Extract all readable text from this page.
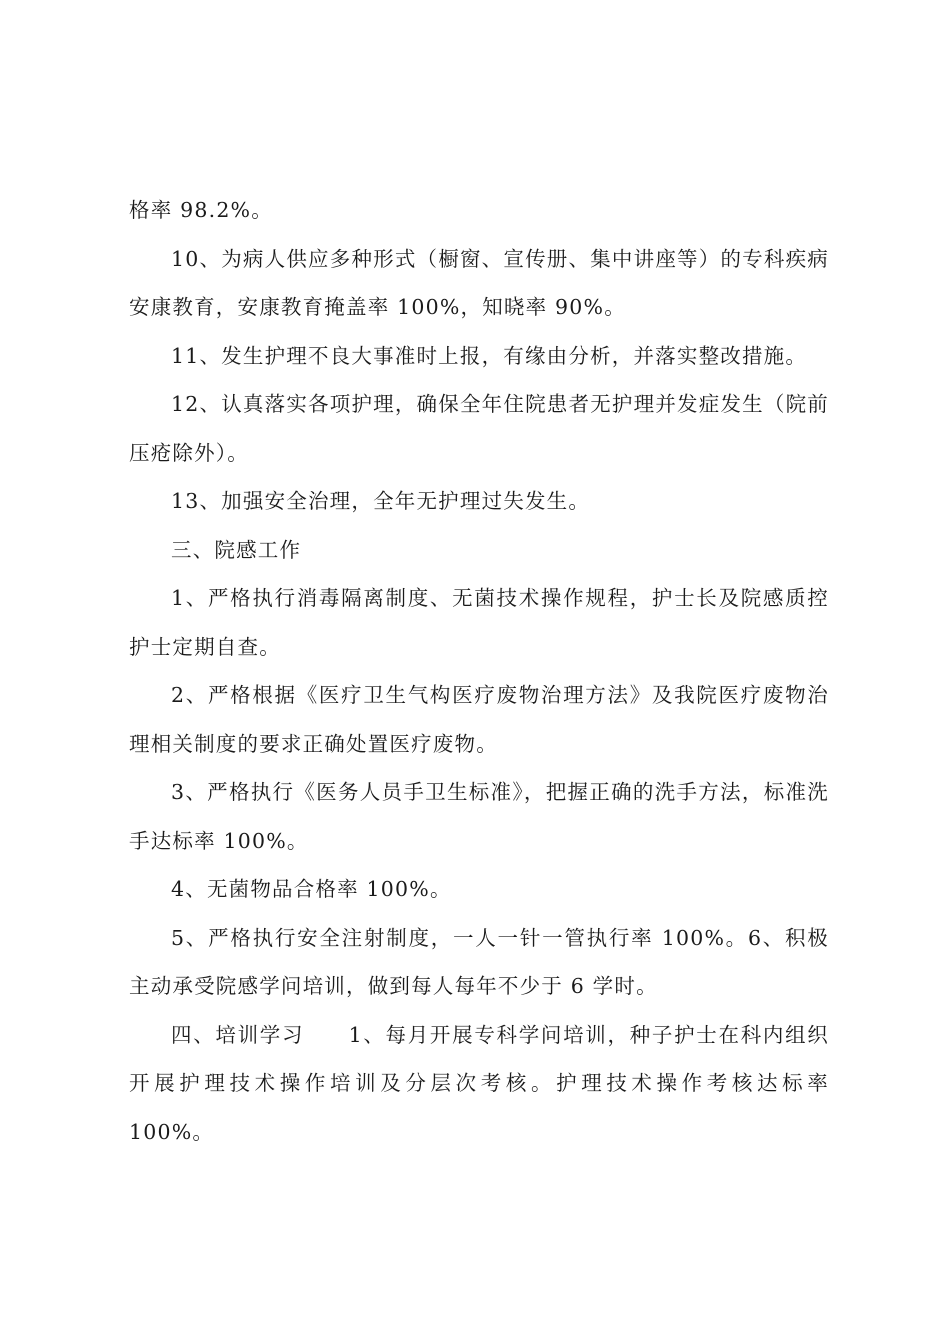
格率 98.2%。

10、为病人供应多种形式（橱窗、宣传册、集中讲座等）的专科疾病安康教育，安康教育掩盖率 100%，知晓率 90%。

11、发生护理不良大事准时上报，有缘由分析，并落实整改措施。

12、认真落实各项护理，确保全年住院患者无护理并发症发生（院前压疮除外）。

13、加强安全治理，全年无护理过失发生。

三、院感工作

1、严格执行消毒隔离制度、无菌技术操作规程，护士长及院感质控护士定期自查。

2、严格根据《医疗卫生气构医疗废物治理方法》及我院医疗废物治理相关制度的要求正确处置医疗废物。

3、严格执行《医务人员手卫生标准》，把握正确的洗手方法，标准洗手达标率 100%。

4、无菌物品合格率 100%。

5、严格执行安全注射制度，一人一针一管执行率 100%。6、积极主动承受院感学问培训，做到每人每年不少于 6 学时。

四、培训学习　　1、每月开展专科学问培训，种子护士在科内组织开展护理技术操作培训及分层次考核。护理技术操作考核达标率 100%。
